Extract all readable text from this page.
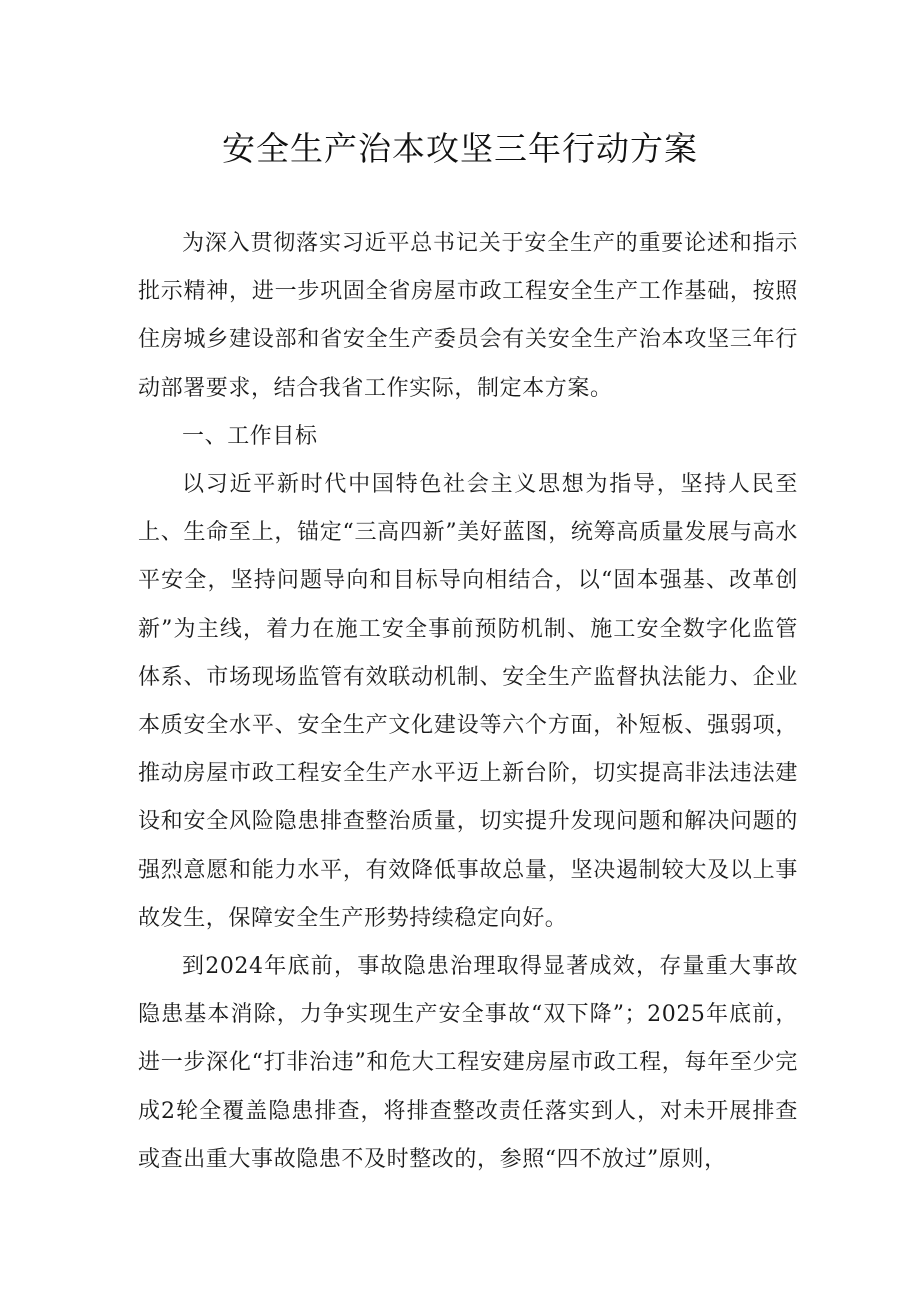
安全生产治本攻坚三年行动方案

为深入贯彻落实习近平总书记关于安全生产的重要论述和指示批示精神，进一步巩固全省房屋市政工程安全生产工作基础，按照住房城乡建设部和省安全生产委员会有关安全生产治本攻坚三年行动部署要求，结合我省工作实际，制定本方案。

一、工作目标

以习近平新时代中国特色社会主义思想为指导，坚持人民至上、生命至上，锚定“三高四新”美好蓝图，统筹高质量发展与高水平安全，坚持问题导向和目标导向相结合，以“固本强基、改革创新”为主线，着力在施工安全事前预防机制、施工安全数字化监管体系、市场现场监管有效联动机制、安全生产监督执法能力、企业本质安全水平、安全生产文化建设等六个方面，补短板、强弱项，推动房屋市政工程安全生产水平迈上新台阶，切实提高非法违法建设和安全风险隐患排查整治质量，切实提升发现问题和解决问题的强烈意愿和能力水平，有效降低事故总量，坚决遏制较大及以上事故发生，保障安全生产形势持续稳定向好。

到2024年底前，事故隐患治理取得显著成效，存量重大事故隐患基本消除，力争实现生产安全事故“双下降”；2025年底前，进一步深化“打非治违”和危大工程安建房屋市政工程，每年至少完成2轮全覆盖隐患排查，将排查整改责任落实到人，对未开展排查或查出重大事故隐患不及时整改的，参照“四不放过”原则，
